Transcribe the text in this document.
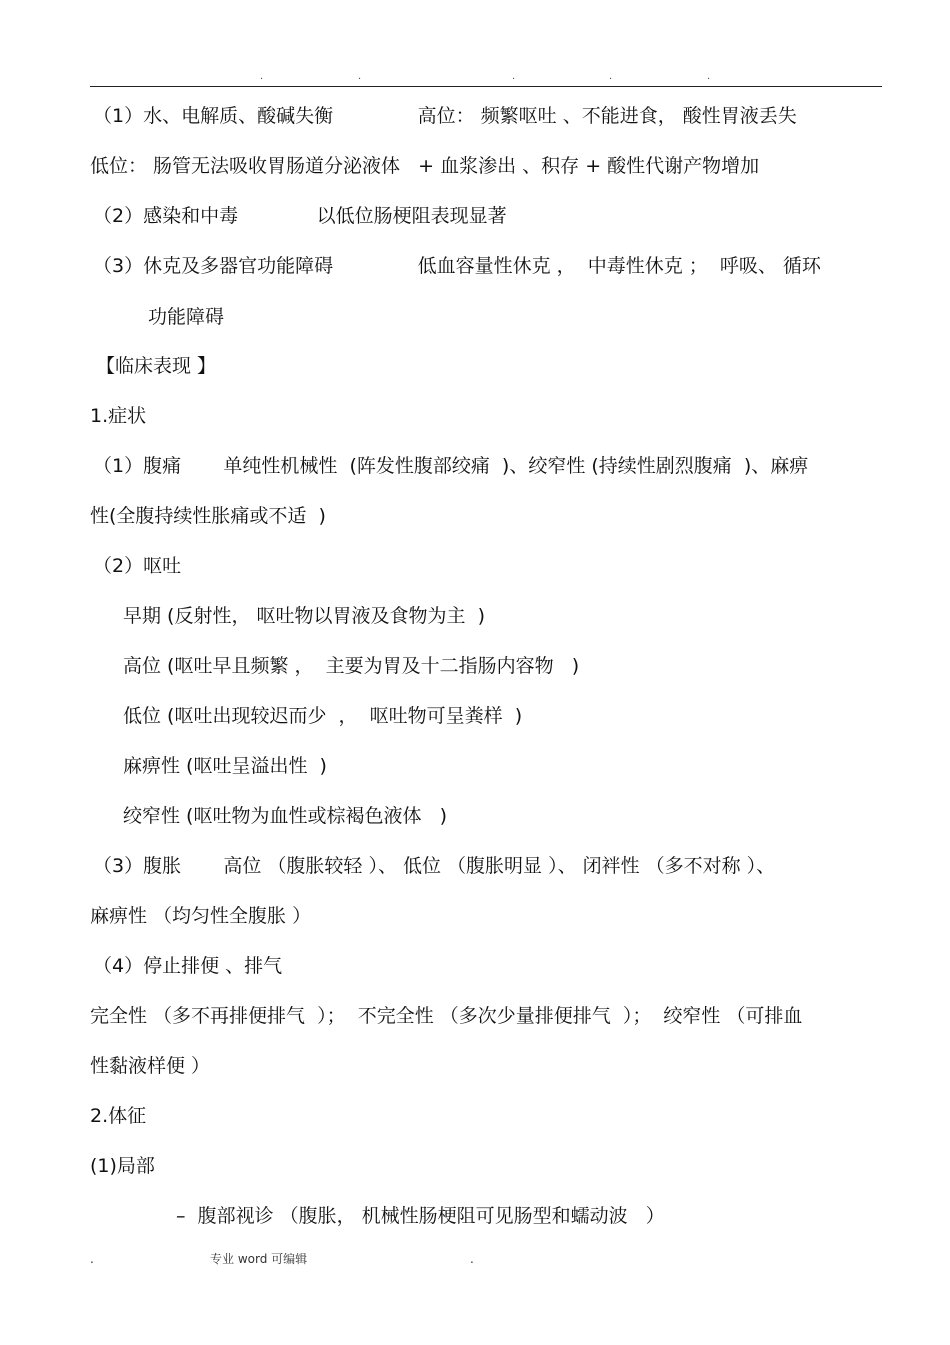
.	.	.	.	.
（1）水、电解质、酸碱失衡              高位： 频繁呕吐 、不能进食， 酸性胃液丢失
低位： 肠管无法吸收胃肠道分泌液体   + 血浆渗出 、积存 + 酸性代谢产物增加
（2）感染和中毒             以低位肠梗阻表现显著
（3）休克及多器官功能障碍              低血容量性休克 ，  中毒性休克 ；  呼吸、 循环
功能障碍
【临床表现 】
1.症状
（1）腹痛       单纯性机械性  (阵发性腹部绞痛  )、绞窄性 (持续性剧烈腹痛  )、麻痹
性(全腹持续性胀痛或不适  )
（2）呕吐
早期 (反射性， 呕吐物以胃液及食物为主  )
高位 (呕吐早且频繁 ，  主要为胃及十二指肠内容物   )
低位 (呕吐出现较迟而少  ，  呕吐物可呈粪样  )
麻痹性 (呕吐呈溢出性  )
绞窄性 (呕吐物为血性或棕褐色液体   )
（3）腹胀       高位 （腹胀较轻 ）、 低位 （腹胀明显 ）、 闭袢性 （多不对称 ）、
麻痹性 （均匀性全腹胀 ）
（4）停止排便 、排气
完全性 （多不再排便排气  ）；  不完全性 （多次少量排便排气  ）；  绞窄性 （可排血
性黏液样便 ）
2.体征
(1)局部
–  腹部视诊 （腹胀， 机械性肠梗阻可见肠型和蠕动波   ）
.	专业 word 可编辑	.
